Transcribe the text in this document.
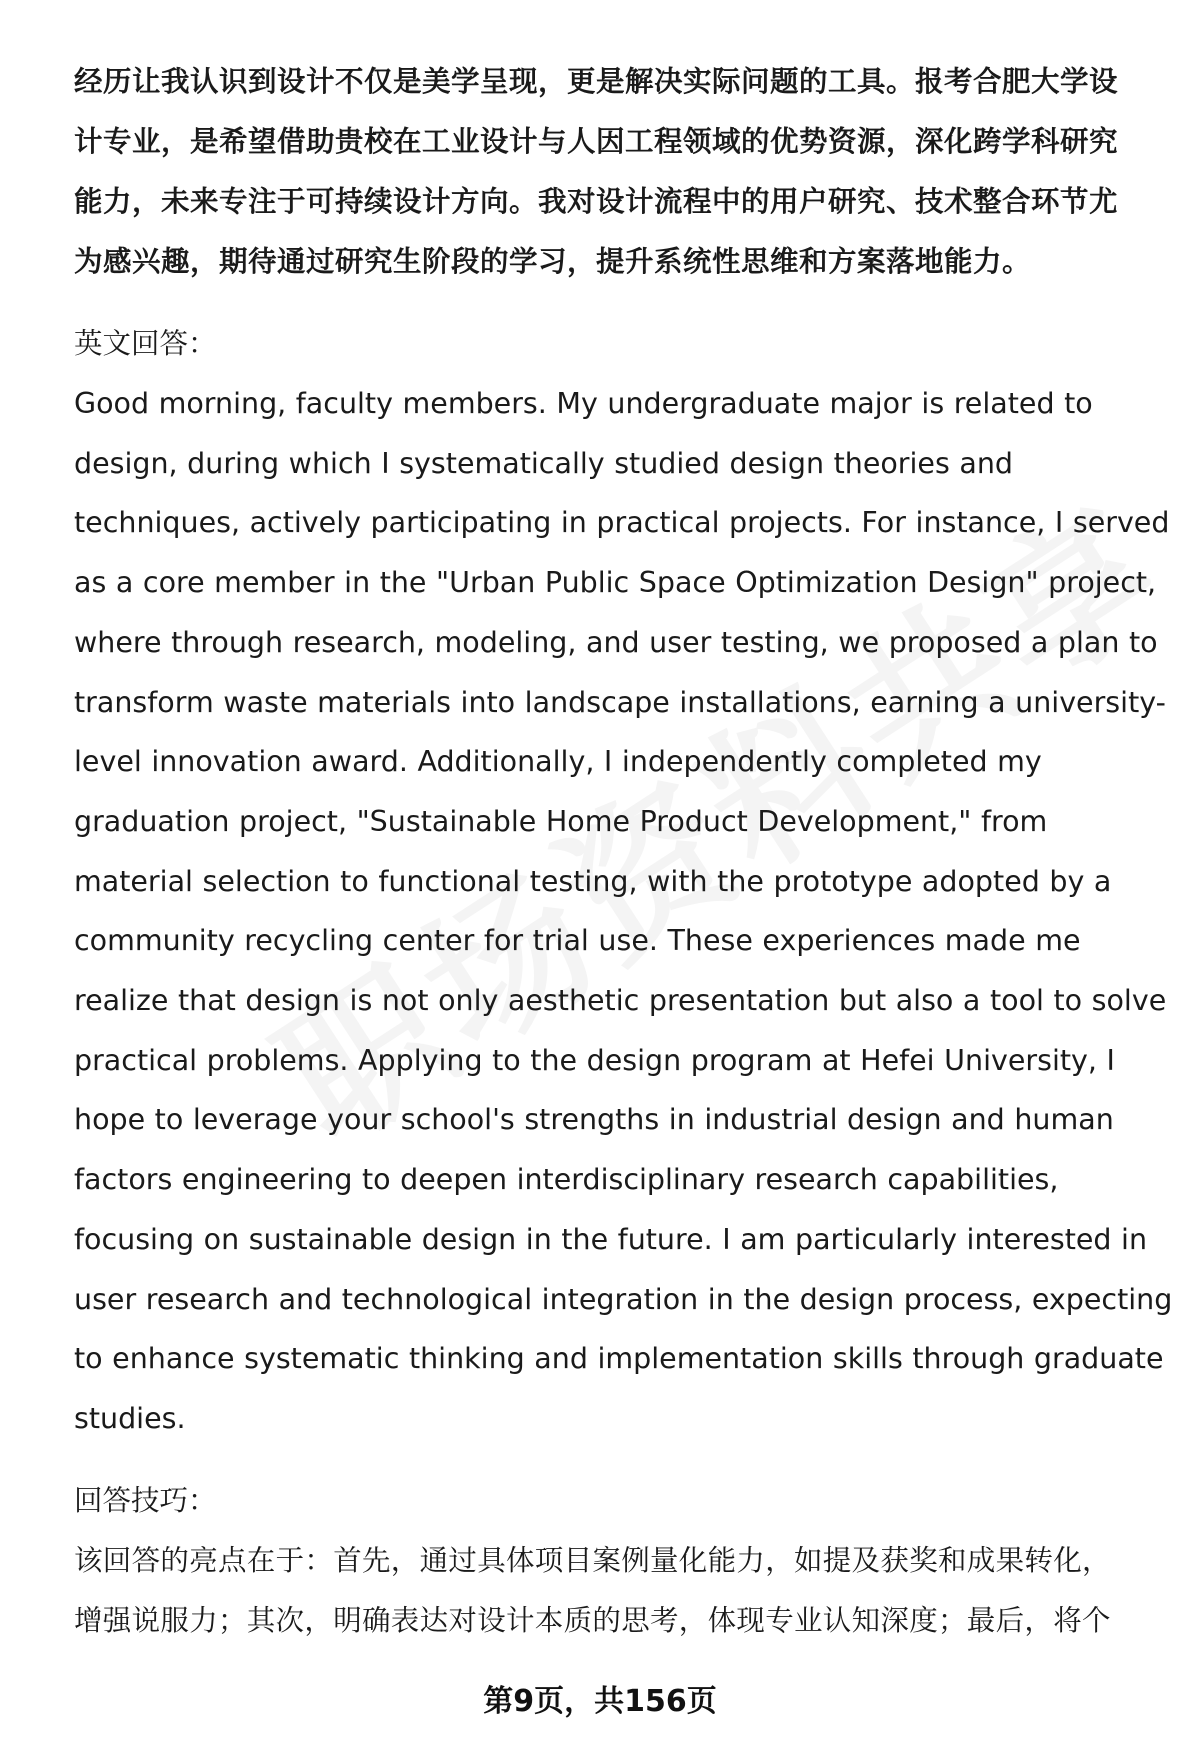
经历让我认识到设计不仅是美学呈现，更是解决实际问题的工具。报考合肥大学设
计专业，是希望借助贵校在工业设计与人因工程领域的优势资源，深化跨学科研究
能力，未来专注于可持续设计方向。我对设计流程中的用户研究、技术整合环节尤
为感兴趣，期待通过研究生阶段的学习，提升系统性思维和方案落地能力。
英文回答：
Good morning, faculty members. My undergraduate major is related to
design, during which I systematically studied design theories and
techniques, actively participating in practical projects. For instance, I served
as a core member in the "Urban Public Space Optimization Design" project,
where through research, modeling, and user testing, we proposed a plan to
transform waste materials into landscape installations, earning a university-
level innovation award. Additionally, I independently completed my
graduation project, "Sustainable Home Product Development," from
material selection to functional testing, with the prototype adopted by a
community recycling center for trial use. These experiences made me
realize that design is not only aesthetic presentation but also a tool to solve
practical problems. Applying to the design program at Hefei University, I
hope to leverage your school's strengths in industrial design and human
factors engineering to deepen interdisciplinary research capabilities,
focusing on sustainable design in the future. I am particularly interested in
user research and technological integration in the design process, expecting
to enhance systematic thinking and implementation skills through graduate
studies.
回答技巧：
该回答的亮点在于：首先，通过具体项目案例量化能力，如提及获奖和成果转化，
增强说服力；其次，明确表达对设计本质的思考，体现专业认知深度；最后，将个
第9页，共156页
